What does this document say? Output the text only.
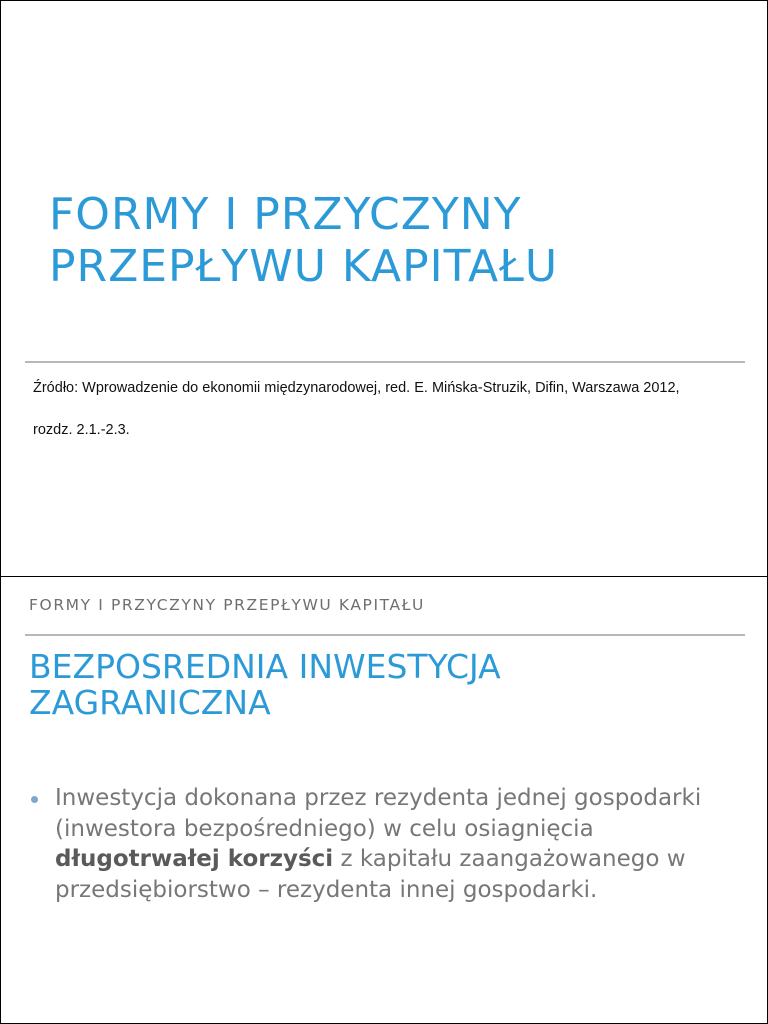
FORMY I PRZYCZYNY
PRZEPŁYWU KAPITAŁU

Źródło: Wprowadzenie do ekonomii międzynarodowej, red. E. Mińska-Struzik, Difin, Warszawa 2012,
rozdz. 2.1.-2.3.

FORMY I PRZYCZYNY PRZEPŁYWU KAPITAŁU
BEZPOSREDNIA INWESTYCJA
ZAGRANICZNA
Inwestycja dokonana przez rezydenta jednej gospodarki (inwestora bezpośredniego) w celu osiagnięcia długotrwałej korzyści z kapitału zaangażowanego w przedsiębiorstwo – rezydenta innej gospodarki.
